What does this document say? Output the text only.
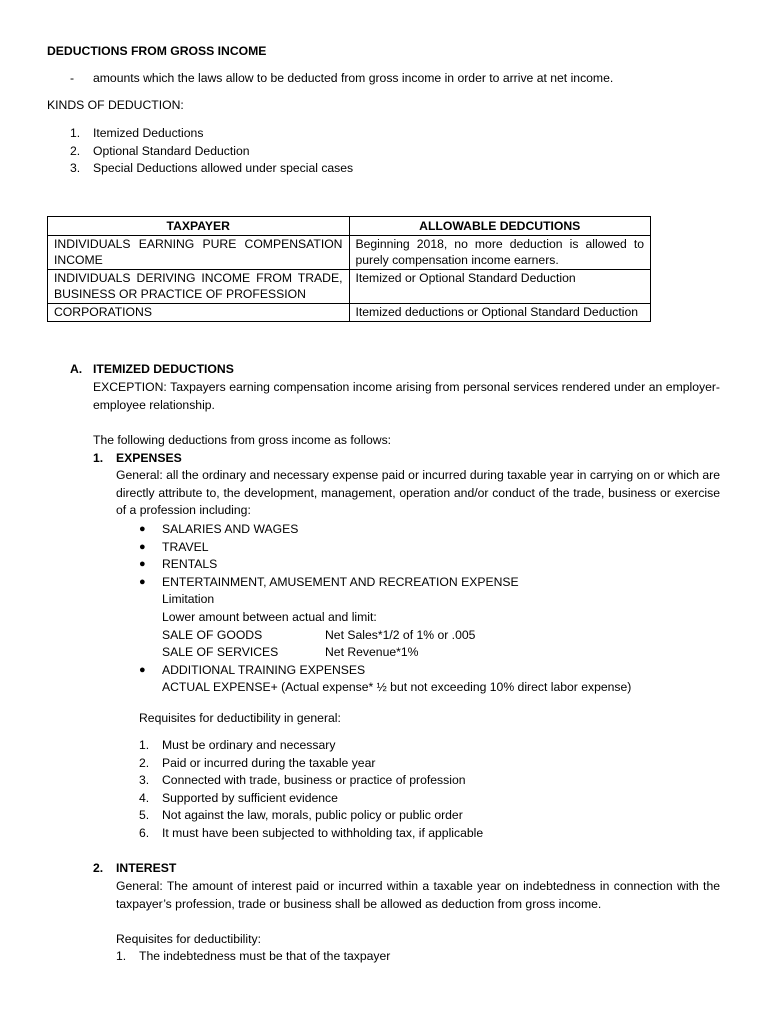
DEDUCTIONS FROM GROSS INCOME
- amounts which the laws allow to be deducted from gross income in order to arrive at net income.
KINDS OF DEDUCTION:
1. Itemized Deductions
2. Optional Standard Deduction
3. Special Deductions allowed under special cases
TAXPAYER	ALLOWABLE DEDCUTIONS
INDIVIDUALS EARNING PURE COMPENSATION INCOME	Beginning 2018, no more deduction is allowed to purely compensation income earners.
INDIVIDUALS DERIVING INCOME FROM TRADE, BUSINESS OR PRACTICE OF PROFESSION	Itemized or Optional Standard Deduction
CORPORATIONS	Itemized deductions or Optional Standard Deduction
A. ITEMIZED DEDUCTIONS
EXCEPTION: Taxpayers earning compensation income arising from personal services rendered under an employer-employee relationship.
The following deductions from gross income as follows:
1. EXPENSES
General: all the ordinary and necessary expense paid or incurred during taxable year in carrying on or which are directly attribute to, the development, management, operation and/or conduct of the trade, business or exercise of a profession including:
● SALARIES AND WAGES
● TRAVEL
● RENTALS
● ENTERTAINMENT, AMUSEMENT AND RECREATION EXPENSE
Limitation
Lower amount between actual and limit:
SALE OF GOODS	Net Sales*1/2 of 1% or .005
SALE OF SERVICES	Net Revenue*1%
● ADDITIONAL TRAINING EXPENSES
ACTUAL EXPENSE+ (Actual expense* ½ but not exceeding 10% direct labor expense)
Requisites for deductibility in general:
1. Must be ordinary and necessary
2. Paid or incurred during the taxable year
3. Connected with trade, business or practice of profession
4. Supported by sufficient evidence
5. Not against the law, morals, public policy or public order
6. It must have been subjected to withholding tax, if applicable
2. INTEREST
General: The amount of interest paid or incurred within a taxable year on indebtedness in connection with the taxpayer’s profession, trade or business shall be allowed as deduction from gross income.
Requisites for deductibility:
1. The indebtedness must be that of the taxpayer
